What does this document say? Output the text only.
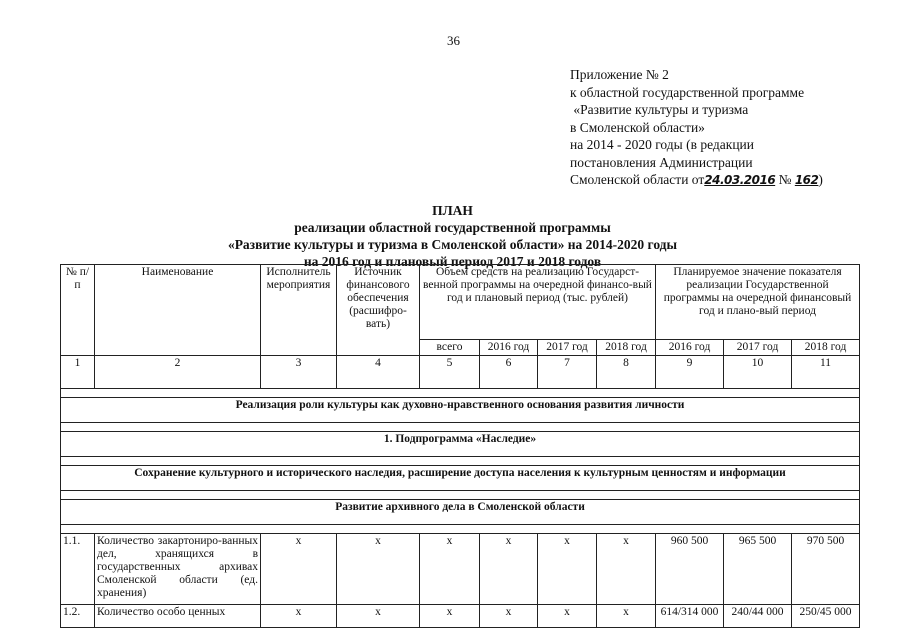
36
Приложение № 2
к областной государственной программе
«Развитие культуры и туризма
в Смоленской области»
на 2014 - 2020 годы (в редакции
постановления Администрации
Смоленской области от24.03.2016 № 162)
ПЛАН
реализации областной государственной программы
«Развитие культуры и туризма в Смоленской области» на 2014-2020 годы
на 2016 год и плановый период 2017 и 2018 годов
№ п/п	Наименование	Исполнитель мероприятия	Источник финансового обеспечения (расшифро-вать)	Объем средств на реализацию Государст-венной программы на очередной финансо-вый год и плановый период (тыс. рублей)				Планируемое значение показателя реализации Государственной программы на очередной финансовый год и плано-вый период		
				всего	2016 год	2017 год	2018 год	2016 год	2017 год	2018 год
1	2	3	4	5	6	7	8	9	10	11

Реализация роли культуры как духовно-нравственного основания развития личности										

1. Подпрограмма «Наследие»										

Сохранение культурного и исторического наследия, расширение доступа населения к культурным ценностям и информации										

Развитие архивного дела в Смоленской области										

1.1.	Количество закартониро-ванных дел, хранящихся в государственных архивах Смоленской области (ед. хранения)	х	х	х	х	х	х	960 500	965 500	970 500
1.2.	Количество особо ценных	х	х	х	х	х	х	614/314 000	240/44 000	250/45 000
